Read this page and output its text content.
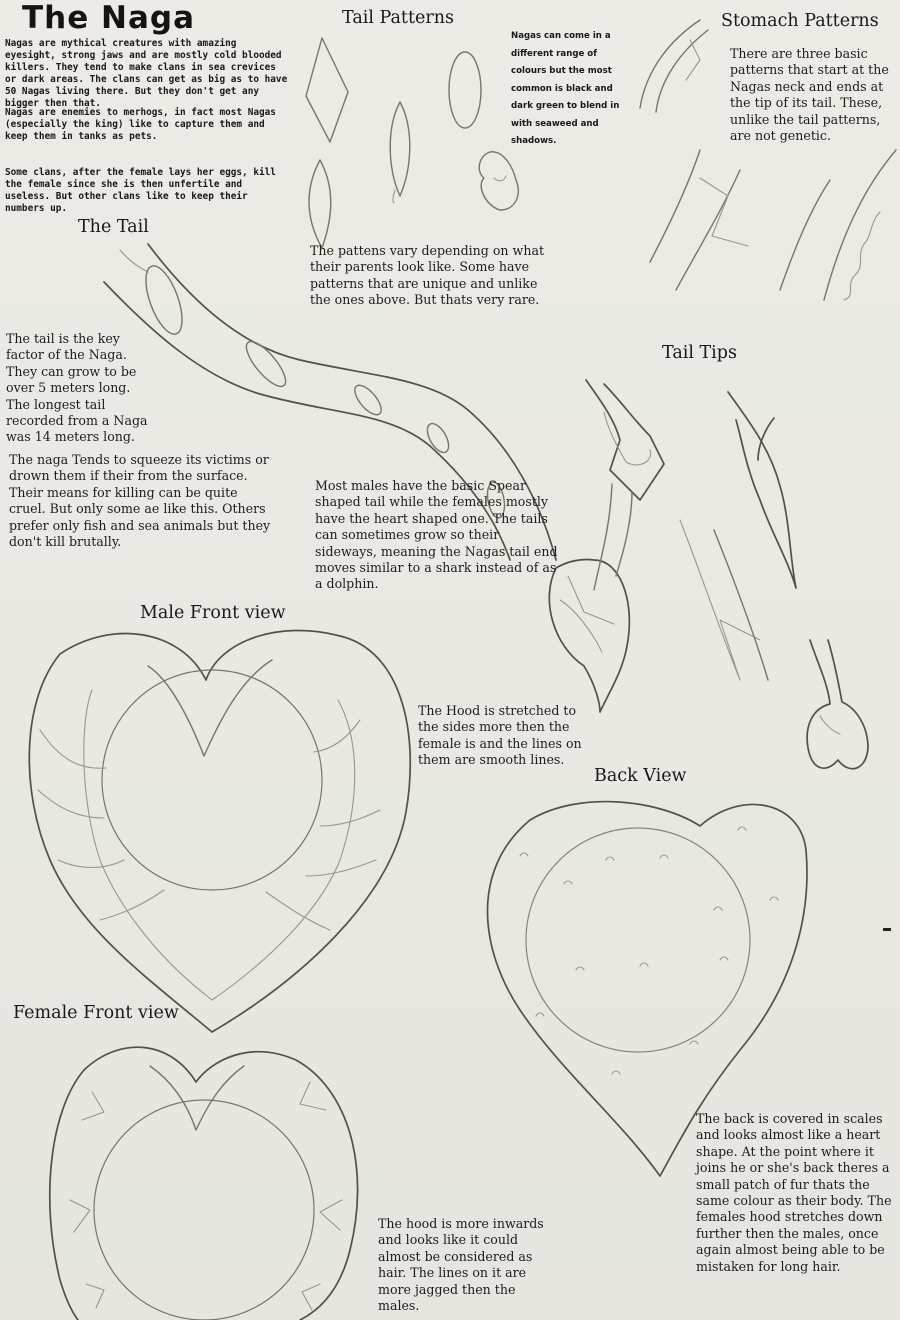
The Naga

Nagas are mythical creatures with amazing eyesight, strong jaws and are mostly cold blooded killers. They tend to make clans in sea crevices or dark areas. The clans can get as big as to have 50 Nagas living there. But they don't get any bigger then that.

Nagas are enemies to merhogs, in fact most Nagas (especially the king) like to capture them and keep them in tanks as pets.

Some clans, after the female lays her eggs, kill the female since she is then unfertile and useless. But other clans like to keep their numbers up.

Tail Patterns

Nagas can come in a different range of colours but the most common is black and dark green to blend in with seaweed and shadows.

The pattens vary depending on what their parents look like. Some have patterns that are unique and unlike the ones above. But thats very rare.

Stomach Patterns

There are three basic patterns that start at the Nagas neck and ends at the tip of its tail. These, unlike the tail patterns, are not genetic.

The Tail

The tail is the key factor of the Naga. They can grow to be over 5 meters long. The longest tail recorded from a Naga was 14 meters long.

The naga Tends to squeeze its victims or drown them if their from the surface. Their means for killing can be quite cruel. But only some ae like this. Others prefer only fish and sea animals but they don't kill brutally.

Most males have the basic Spear shaped tail while the females mostly have the heart shaped one. The tails can sometimes grow so their sideways, meaning the Nagas tail end moves similar to a shark instead of as a dolphin.

Tail Tips

Male Front view

The Hood is stretched to the sides more then the female is and the lines on them are smooth lines.

Back View

The back is covered in scales and looks almost like a heart shape. At the point where it joins he or she's back theres a small patch of fur thats the same colour as their body. The females hood stretches down further then the males, once again almost being able to be mistaken for long hair.

Female Front view

The hood is more inwards and looks like it could almost be considered as hair. The lines on it are more jagged then the males.
